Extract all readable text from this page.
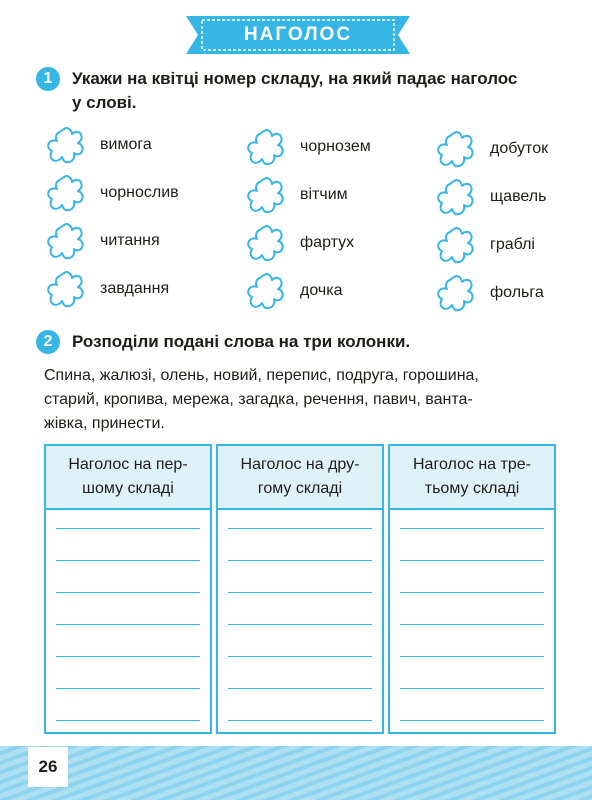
НАГОЛОС
1	Укажи на квітці номер складу, на який падає наголос
у слові.
вимога
чорнослив
читання
завдання
чорнозем
вітчим
фартух
дочка
добуток
щавель
граблі
фольга
2	Розподіли подані слова на три колонки.
Спина, жалюзі, олень, новий, перепис, подруга, горошина,
старий, кропива, мережа, загадка, речення, павич, ванта-
жівка, принести.
Наголос на пер-
шому складі
Наголос на дру-
гому складі
Наголос на тре-
тьому складі
26
